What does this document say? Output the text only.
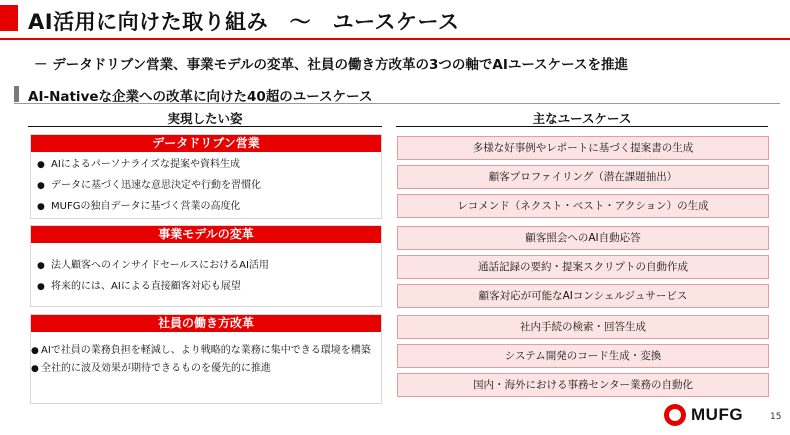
AI活用に向けた取り組み　～　ユースケース
－ データドリブン営業、事業モデルの変革、社員の働き方改革の3つの軸でAIユースケースを推進
AI-Nativeな企業への改革に向けた40超のユースケース
実現したい姿	主なユースケース
データドリブン営業
● AIによるパーソナライズな提案や資料生成
● データに基づく迅速な意思決定や行動を習慣化
● MUFGの独自データに基づく営業の高度化
事業モデルの変革
● 法人顧客へのインサイドセールスにおけるAI活用
● 将来的には、AIによる直接顧客対応も展望
社員の働き方改革
● AIで社員の業務負担を軽減し、より戦略的な業務に集中できる環境を構築
● 全社的に波及効果が期待できるものを優先的に推進
多様な好事例やレポートに基づく提案書の生成
顧客プロファイリング（潜在課題抽出）
レコメンド（ネクスト・ベスト・アクション）の生成
顧客照会へのAI自動応答
通話記録の要約・提案スクリプトの自動作成
顧客対応が可能なAIコンシェルジュサービス
社内手続の検索・回答生成
システム開発のコード生成・変換
国内・海外における事務センター業務の自動化
MUFG	15
